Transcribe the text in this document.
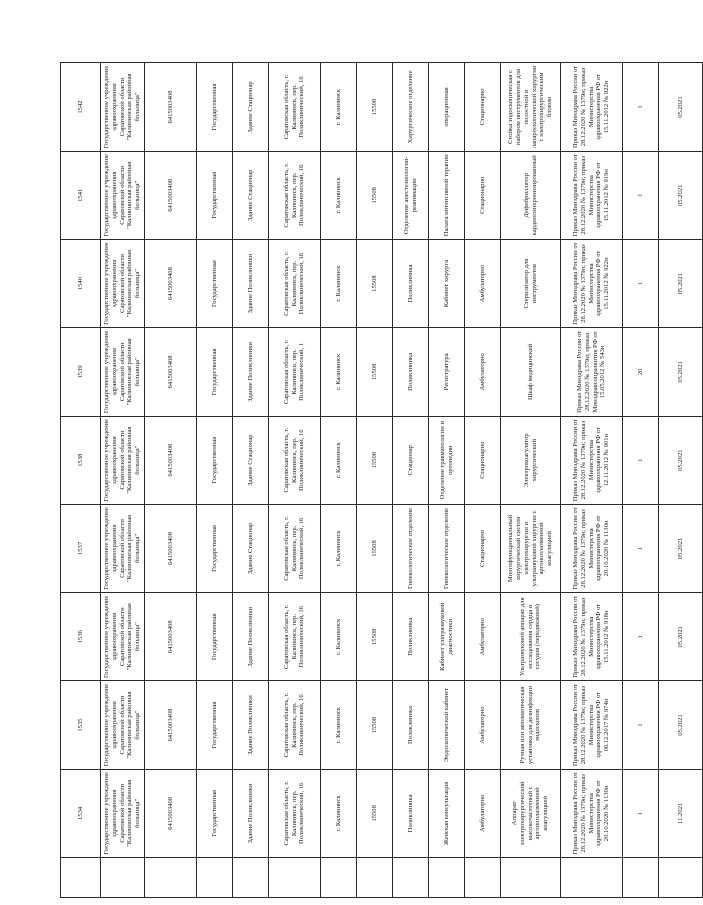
	1534	1535	1536	1537	1538	1539	1540	1541	1542
	Государственное учреждение здравоохранения Саратовской области "Калининская районная больница"	Государственное учреждение здравоохранения Саратовской области "Калининская районная больница"	Государственное учреждение здравоохранения Саратовской области "Калининская районная больница"	Государственное учреждение здравоохранения Саратовской области "Калининская районная больница"	Государственное учреждение здравоохранения Саратовской области "Калининская районная больница"	Государственное учреждение здравоохранения Саратовской области "Калининская районная больница"	Государственное учреждение здравоохранения Саратовской области "Калининская районная больница"	Государственное учреждение здравоохранения Саратовской области "Калининская районная больница"	Государственное учреждение здравоохранения Саратовской области "Калининская районная больница"
	6415003408	6415003408	6415003408	6415003408	6415003408	6415003408	6415003408	6415003408	6415003408
	Государственная	Государственная	Государственная	Государственная	Государственная	Государственная	Государственная	Государственная	Государственная
	Здание Поликлиники	Здание Поликлиники	Здание Поликлиники	Здание Стационар	Здание Стационар	Здание Поликлиники	Здание Поликлиники	Здание Стационар	Здание Стационар
	Саратовская область, г. Калининск, пер. Поликлинический, 16	Саратовская область, г. Калининск, пер. Поликлинический, 16	Саратовская область, г. Калининск, пер. Поликлинический, 16	Саратовская область, г. Калининск, пер. Поликлинический, 16	Саратовская область, г. Калининск, пер. Поликлинический, 16	Саратовская область, г. Калининск, пер. Поликлинический, 1	Саратовская область, г. Калининск, пер. Поликлинический, 16	Саратовская область, г. Калининск, пер. Поликлинический, 16	Саратовская область, г. Калининск, пер. Поликлинический, 16
	г. Калининск	г. Калининск	г. Калининск	г. Калининск	г. Калининск	г. Калининск	г. Калининск	г. Калининск	г. Калининск
	15508	15508	15508	15508	15508	15508	15508	15508	15508
	Поликлиника	Поликлиника	Поликлиника	Гинекологическое отделение	Стационар	Поликлиника	Поликлиника	Отделение анестезиологии-реанимации	Хирургическое отделение
	Женская консультация	Эндоскопический кабинет	Кабинет ультразвуковой диагностики	Гинекологическое отделение	Отделение травматологии и ортопедии	Регистратура	Кабинет хирурга	Палата интенсивной терапии	операционная
	Амбулаторно	Амбулаторно	Амбулаторно	Стационарно	Стационарно	Амбулаторно	Амбулаторно	Стационарно	Стационарно
	Аппарат электрохирургический высокочастотный с аргоноплазменной коагуляцией	Ручная или автоматическая установка для дезинфекции эндоскопов	Ультразвуковой аппарат для исследования сердца и сосудов (передвижной)	Многофункциональный хирургический систем электрохирургии и ультразвуковой хирургии с аргоноплазменной коагуляцией	Электрокоагулятор хирургический	Шкаф медицинский	Стерилизатор для инструментов	Дефибриллятор кардиосинхронизированный	Стойка эндоскопическая с набором инструментов для полостной и лапароскопической хирургии с электрохирургическим блоком
	Приказ Минздрава России от 28.12.2020 № 1379н; приказ Министерства здравоохранения РФ от 20.10.2020 № 1130н	Приказ Минздрава России от 28.12.2020 № 1379н; приказ Министерства здравоохранения РФ от 06.12.2017 № 974н	Приказ Минздрава России от 28.12.2020 № 1379н; приказ Министерства здравоохранения РФ от 15.11.2012 № 918н	Приказ Минздрава России от 28.12.2020 № 1379н; приказ Министерства здравоохранения РФ от 20.10.2020 № 1130н	Приказ Минздрава России от 28.12.2020 № 1379н; приказ Министерства здравоохранения РФ от 12.11.2012 № 901н	Приказ Минздрава России от 28.12.2020 № 1379н; приказ Минздравсоцразвития РФ от 15.05.2012 № 543н	Приказ Минздрава России от 28.12.2020 № 1379н; приказ Министерства здравоохранения РФ от 15.11.2012 № 922н	Приказ Минздрава России от 28.12.2020 № 1379н; приказ Министерства здравоохранения РФ от 15.11.2012 № 919н	Приказ Минздрава России от 28.12.2020 № 1379н; приказ Министерства здравоохранения РФ от 15.11.2012 № 922н
	1	1	1	1	1	20	1	1	1
	11.2021	05.2021	05.2021	05.2021	05.2021	05.2021	05.2021	05.2021	05.2021
